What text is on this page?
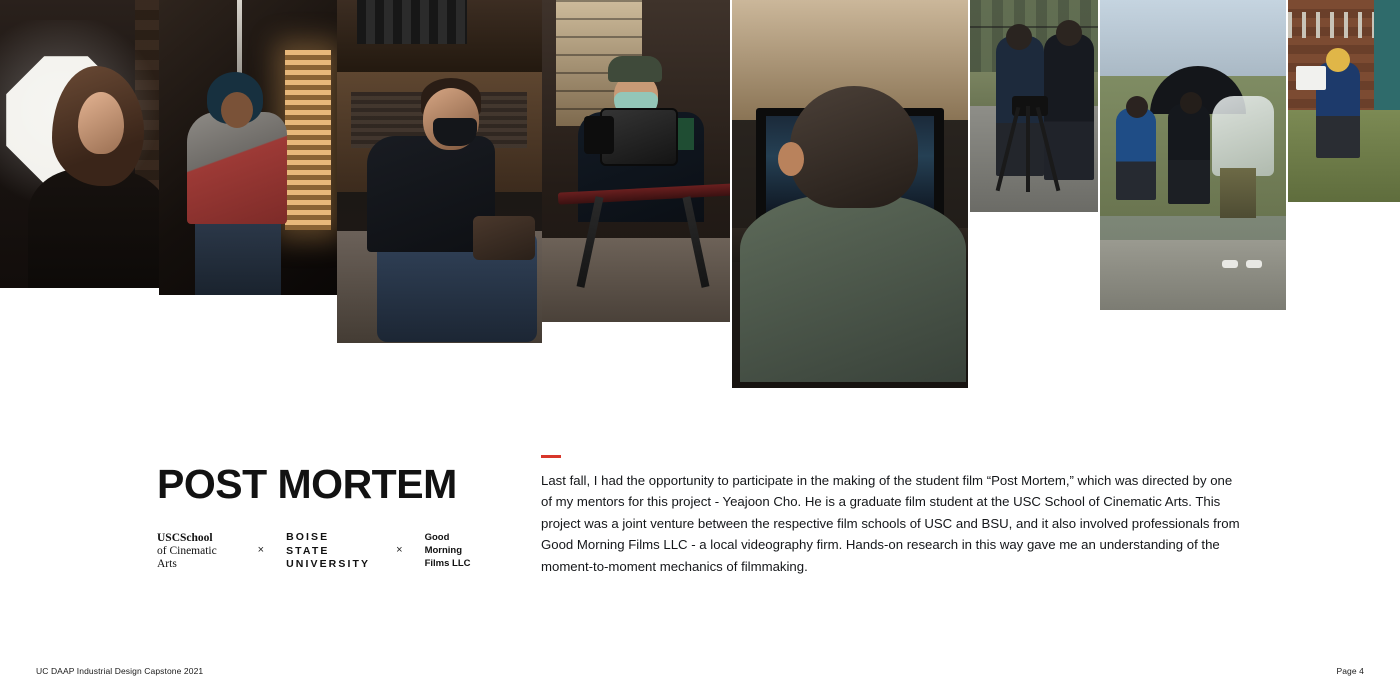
POST MORTEM
USCSchool
of Cinematic Arts
×
BOISE STATE
UNIVERSITY
×
Good Morning
Films LLC

Last fall, I had the opportunity to participate in the making of the student film “Post Mortem,” which was directed by one of my mentors for this project - Yeajoon Cho. He is a graduate film student at the USC School of Cinematic Arts. This project was a joint venture between the respective film schools of USC and BSU, and it also involved professionals from Good Morning Films LLC - a local videography firm. Hands-on research in this way gave me an understanding of the moment-to-moment mechanics of filmmaking.

UC DAAP Industrial Design Capstone 2021	Page 4
